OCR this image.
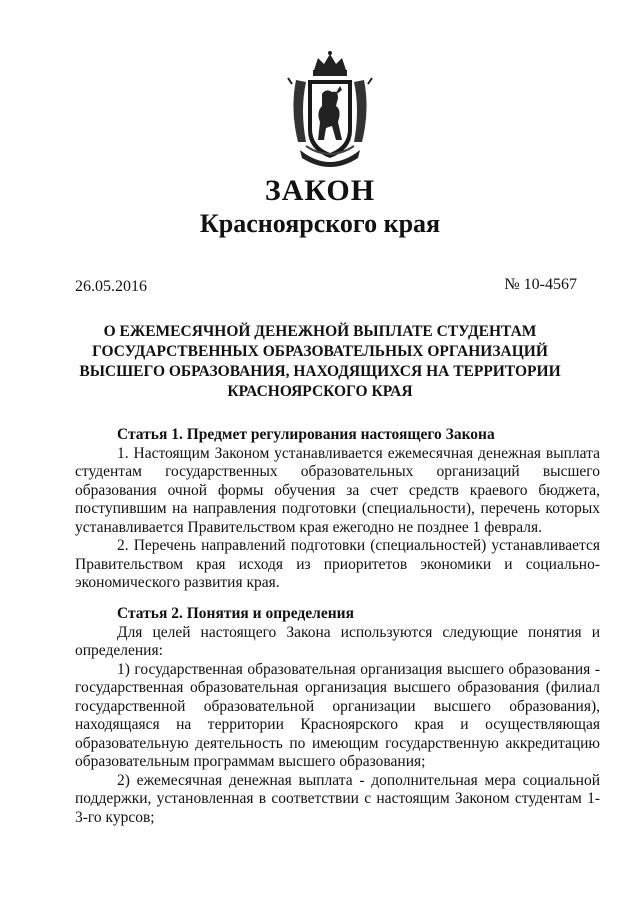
ЗАКОН
Красноярского края
26.05.2016	№ 10-4567
О ЕЖЕМЕСЯЧНОЙ ДЕНЕЖНОЙ ВЫПЛАТЕ СТУДЕНТАМ
ГОСУДАРСТВЕННЫХ ОБРАЗОВАТЕЛЬНЫХ ОРГАНИЗАЦИЙ
ВЫСШЕГО ОБРАЗОВАНИЯ, НАХОДЯЩИХСЯ НА ТЕРРИТОРИИ
КРАСНОЯРСКОГО КРАЯ
Статья 1. Предмет регулирования настоящего Закона

1. Настоящим Законом устанавливается ежемесячная денежная выплата студентам государственных образовательных организаций высшего образования очной формы обучения за счет средств краевого бюджета, поступившим на направления подготовки (специальности), перечень которых устанавливается Правительством края ежегодно не позднее 1 февраля.

2. Перечень направлений подготовки (специальностей) устанавливается Правительством края исходя из приоритетов экономики и социально-экономического развития края.

Статья 2. Понятия и определения

Для целей настоящего Закона используются следующие понятия и определения:

1) государственная образовательная организация высшего образования - государственная образовательная организация высшего образования (филиал государственной образовательной организации высшего образования), находящаяся на территории Красноярского края и осуществляющая образовательную деятельность по имеющим государственную аккредитацию образовательным программам высшего образования;

2) ежемесячная денежная выплата - дополнительная мера социальной поддержки, установленная в соответствии с настоящим Законом студентам 1-3-го курсов;
